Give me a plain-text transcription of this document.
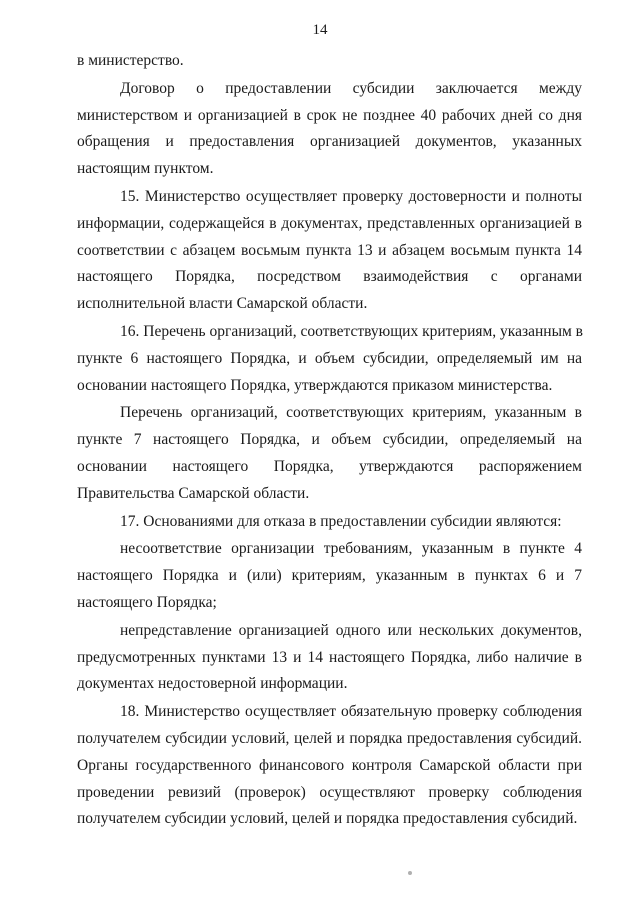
14

в министерство.

Договор о предоставлении субсидии заключается между
министерством и организацией в срок не позднее 40 рабочих дней со дня
обращения и предоставления организацией документов, указанных
настоящим пунктом.

15. Министерство осуществляет проверку достоверности и полноты
информации, содержащейся в документах, представленных организацией в
соответствии с абзацем восьмым пункта 13 и абзацем восьмым пункта 14
настоящего Порядка, посредством взаимодействия с органами
исполнительной власти Самарской области.

16. Перечень организаций, соответствующих критериям, указанным в
пункте 6 настоящего Порядка, и объем субсидии, определяемый им на
основании настоящего Порядка, утверждаются приказом министерства.

Перечень организаций, соответствующих критериям, указанным в
пункте 7 настоящего Порядка, и объем субсидии, определяемый на
основании настоящего Порядка, утверждаются распоряжением
Правительства Самарской области.

17. Основаниями для отказа в предоставлении субсидии являются:

несоответствие организации требованиям, указанным в пункте 4
настоящего Порядка и (или) критериям, указанным в пунктах 6 и 7
настоящего Порядка;

непредставление организацией одного или нескольких документов,
предусмотренных пунктами 13 и 14 настоящего Порядка, либо наличие в
документах недостоверной информации.

18. Министерство осуществляет обязательную проверку соблюдения
получателем субсидии условий, целей и порядка предоставления субсидий.
Органы государственного финансового контроля Самарской области при
проведении ревизий (проверок) осуществляют проверку соблюдения
получателем субсидии условий, целей и порядка предоставления субсидий.
